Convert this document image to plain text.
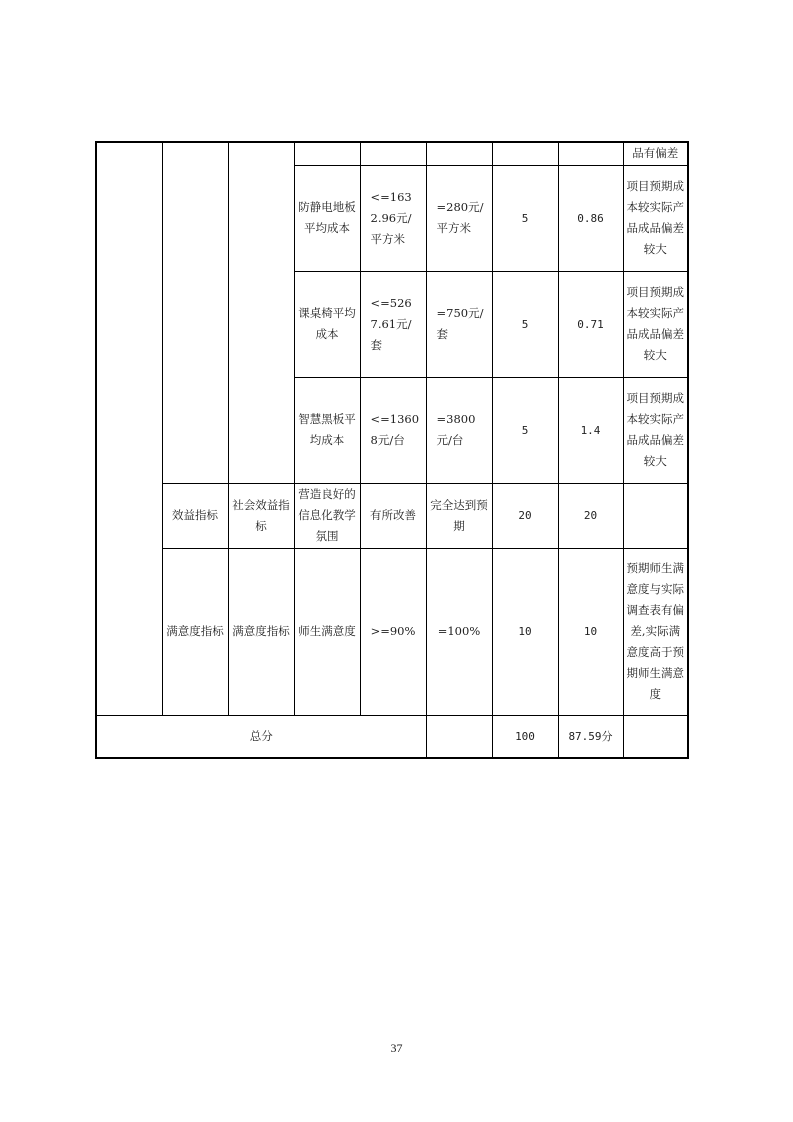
								品有偏差
			防静电地板平均成本	<=1632.96元/平方米	=280元/平方米	5	0.86	项目预期成本较实际产品成品偏差较大
			课桌椅平均成本	<=5267.61元/套	=750元/套	5	0.71	项目预期成本较实际产品成品偏差较大
			智慧黑板平均成本	<=13608元/台	=3800元/台	5	1.4	项目预期成本较实际产品成品偏差较大
	效益指标	社会效益指标	营造良好的信息化教学氛围	有所改善	完全达到预期	20	20	
	满意度指标	满意度指标	师生满意度	>=90%	=100%	10	10	预期师生满意度与实际调查表有偏差,实际满意度高于预期师生满意度
总分						100	87.59分	
37
